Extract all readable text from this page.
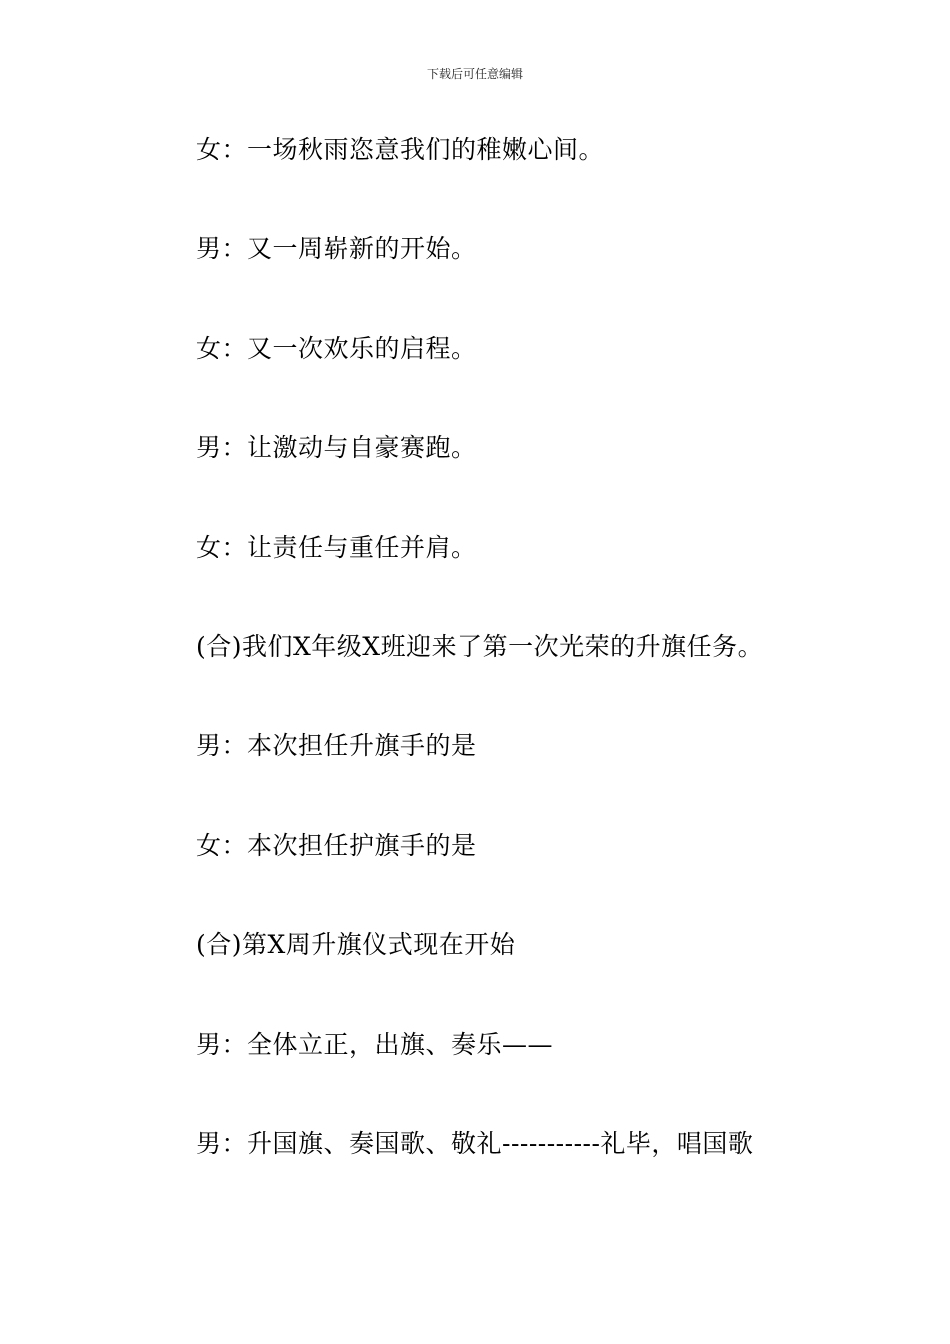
下载后可任意编辑
女：一场秋雨恣意我们的稚嫩心间。
男：又一周崭新的开始。
女：又一次欢乐的启程。
男：让激动与自豪赛跑。
女：让责任与重任并肩。
(合)我们X年级X班迎来了第一次光荣的升旗任务。
男：本次担任升旗手的是
女：本次担任护旗手的是
(合)第X周升旗仪式现在开始
男：全体立正，出旗、奏乐——
男：升国旗、奏国歌、敬礼-----------礼毕，唱国歌
